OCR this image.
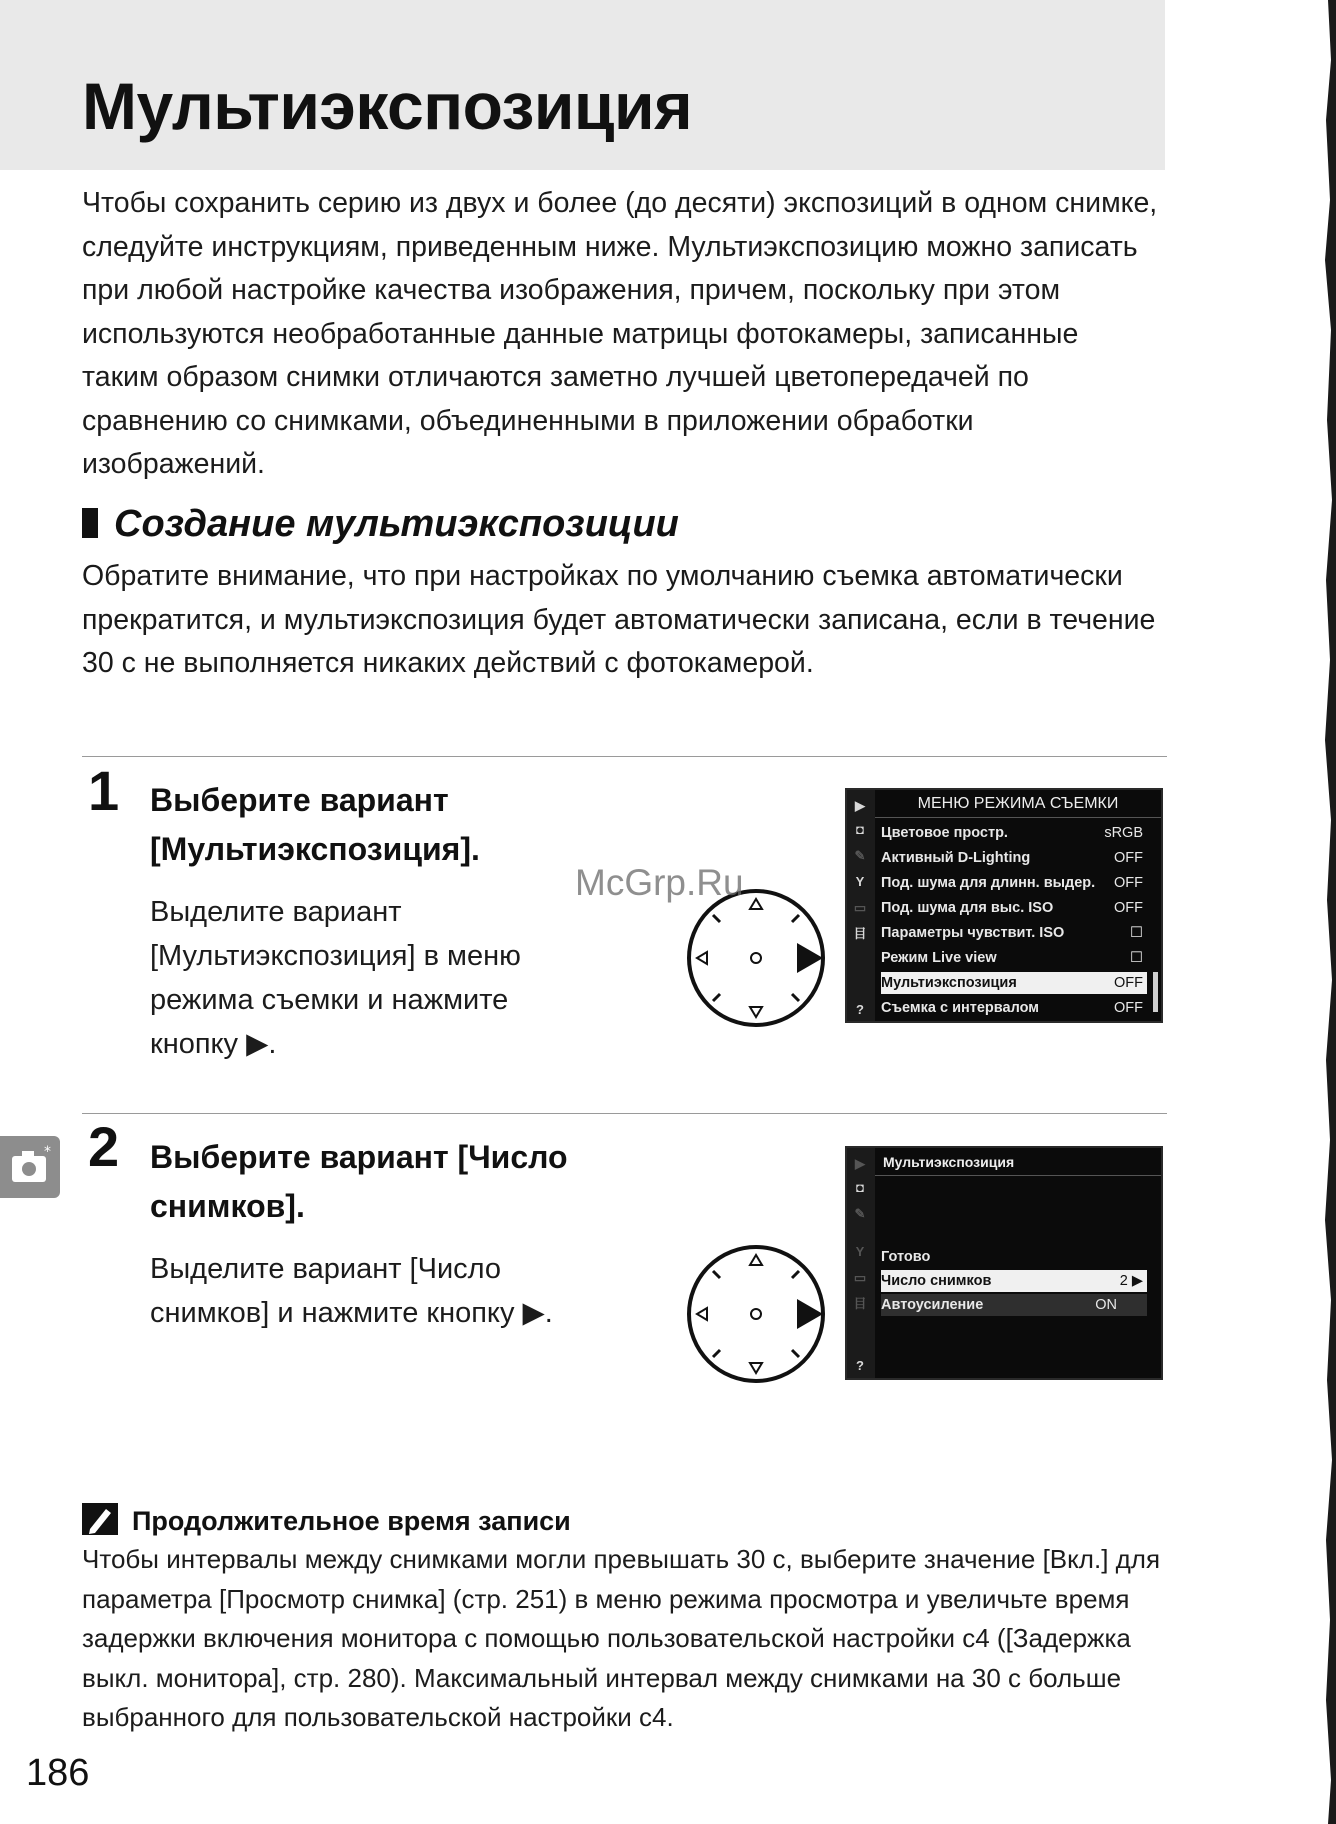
Мультиэкспозиция

Чтобы сохранить серию из двух и более (до десяти) экспозиций в одном снимке, следуйте инструкциям, приведенным ниже. Мультиэкспозицию можно записать при любой настройке качества изображения, причем, поскольку при этом используются необработанные данные матрицы фотокамеры, записанные таким образом снимки отличаются заметно лучшей цветопередачей по сравнению со снимками, объединенными в приложении обработки изображений.

Создание мультиэкспозиции

Обратите внимание, что при настройках по умолчанию съемка автоматически прекратится, и мультиэкспозиция будет автоматически записана, если в течение 30 с не выполняется никаких действий с фотокамерой.

1 Выберите вариант [Мультиэкспозиция].
Выделите вариант [Мультиэкспозиция] в меню режима съемки и нажмите кнопку ▶.
▶
◘
✎
Y
▭
目
?
МЕНЮ РЕЖИМА СЪЕМКИ
Цветовое простр.	sRGB
Активный D-Lighting	OFF
Под. шума для длинн. выдер. OFF
Под. шума для выс. ISO	OFF
Параметры чувствит. ISO	☐
Режим Live view	☐
Мультиэкспозиция	OFF
Съемка с интервалом	OFF
McGrp.Ru
* 2 Выберите вариант [Число снимков].
Выделите вариант [Число снимков] и нажмите кнопку ▶.
▶
◘
✎
Y
▭
目
?
Мультиэкспозиция
Готово
Число снимков	2 ▶
Автоусиление	ON
Продолжительное время записи

Чтобы интервалы между снимками могли превышать 30 с, выберите значение [Вкл.] для параметра [Просмотр снимка] (стр. 251) в меню режима просмотра и увеличьте время задержки включения монитора с помощью пользовательской настройки c4 ([Задержка выкл. монитора], стр. 280). Максимальный интервал между снимками на 30 с больше выбранного для пользовательской настройки c4.

186
